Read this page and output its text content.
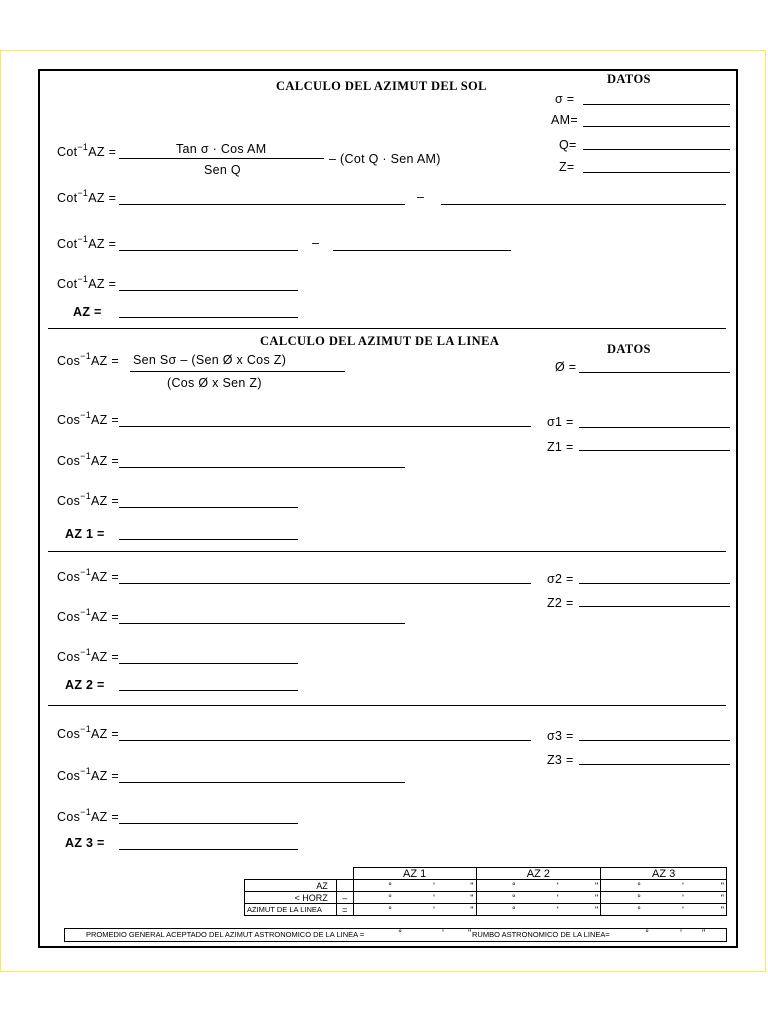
CALCULO DEL AZIMUT DEL SOL	DATOS
σ =
AM=
Q=
Z=
Cot$^{-1}$AZ =	Tan σ · Cos AM
Sen Q
– (Cot Q · Sen AM)
Cot$^{-1}$AZ =	–
Cot$^{-1}$AZ =	–
Cot$^{-1}$AZ =
AZ =
CALCULO DEL AZIMUT DE LA LINEA
DATOS
Ø =
Cos$^{-1}$AZ = Sen Sσ – (Sen Ø x Cos Z)
(Cos Ø x Sen Z)
Cos$^{-1}$AZ =	σ1 =
Z1 =
Cos$^{-1}$AZ =
Cos$^{-1}$AZ =
AZ 1 =
Cos$^{-1}$AZ =	σ2 =
Z2 =
Cos$^{-1}$AZ =
Cos$^{-1}$AZ =
AZ 2 =
Cos$^{-1}$AZ =	σ3 =
Z3 =
Cos$^{-1}$AZ =
Cos$^{-1}$AZ =
AZ 3 =
		AZ 1	AZ 2	AZ 3
AZ		° ' "	° ' "	° ' "

< HORZ	–	° ' "	° ' "	° ' "

AZIMUT DE LA LINEA	=	° ' "	° ' "	° ' "
PROMEDIO GENERAL ACEPTADO DEL AZIMUT ASTRONOMICO DE LA LINEA =	°	'	" RUMBO ASTRONOMICO DE LA LINEA=	°	' "
